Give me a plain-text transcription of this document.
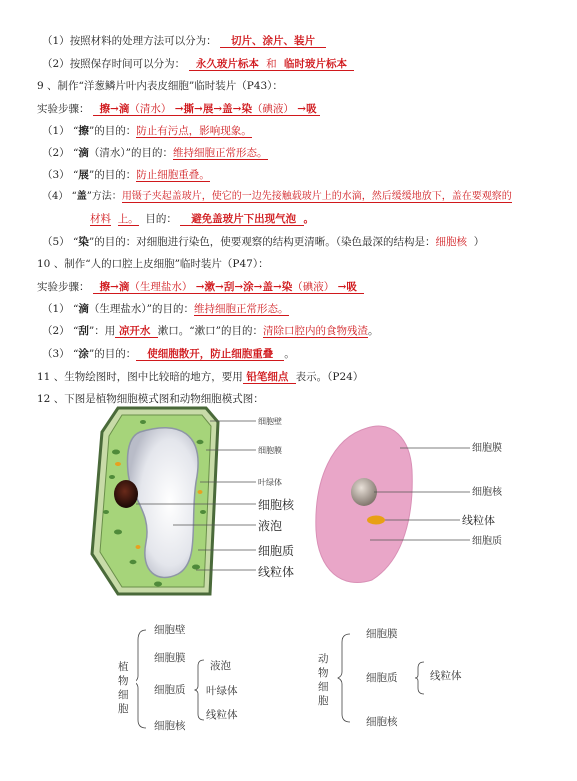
（1）按照材料的处理方法可以分为： 切片、涂片、装片
（2）按照保存时间可以分为： 永久玻片标本 和 临时玻片标本
9 、制作“洋葱鳞片叶内表皮细胞”临时装片（P43）：
实验步骤： 擦→滴（清水） →撕→展→盖→染（碘液） →吸
（1） “擦”的目的：防止有污点，影响现象。
（2） “滴（清水）”的目的：维持细胞正常形态。
（3） “展”的目的：防止细胞重叠。
（4） “盖”方法：用镊子夹起盖玻片，使它的一边先接触载玻片上的水滴，然后缓缓地放下，盖在要观察的
材料 上。 目的： 避免盖玻片下出现气泡 。
（5） “染”的目的：对细胞进行染色，使要观察的结构更清晰。（染色最深的结构是：细胞核 ）
10 、制作“人的口腔上皮细胞”临时装片（P47）：
实验步骤： 擦→滴（生理盐水） →漱→刮→涂→盖→染（碘液） →吸
（1） “滴（生理盐水）”的目的：维持细胞正常形态。
（2） “刮”：用 凉开水 漱口。“漱口”的目的：清除口腔内的食物残渣。
（3） “涂”的目的： 使细胞散开，防止细胞重叠 。
11 、生物绘图时，图中比较暗的地方，要用 铅笔细点 表示。（P24）
12 、下图是植物细胞模式图和动物细胞模式图：
细胞壁
细胞膜
叶绿体
细胞核
液泡
细胞质
线粒体
细胞膜
细胞核
线粒体
细胞质
植物细胞
细胞壁
细胞膜
细胞质
液泡
叶绿体
线粒体
细胞核
动物细胞
细胞膜
细胞质	线粒体
细胞核
